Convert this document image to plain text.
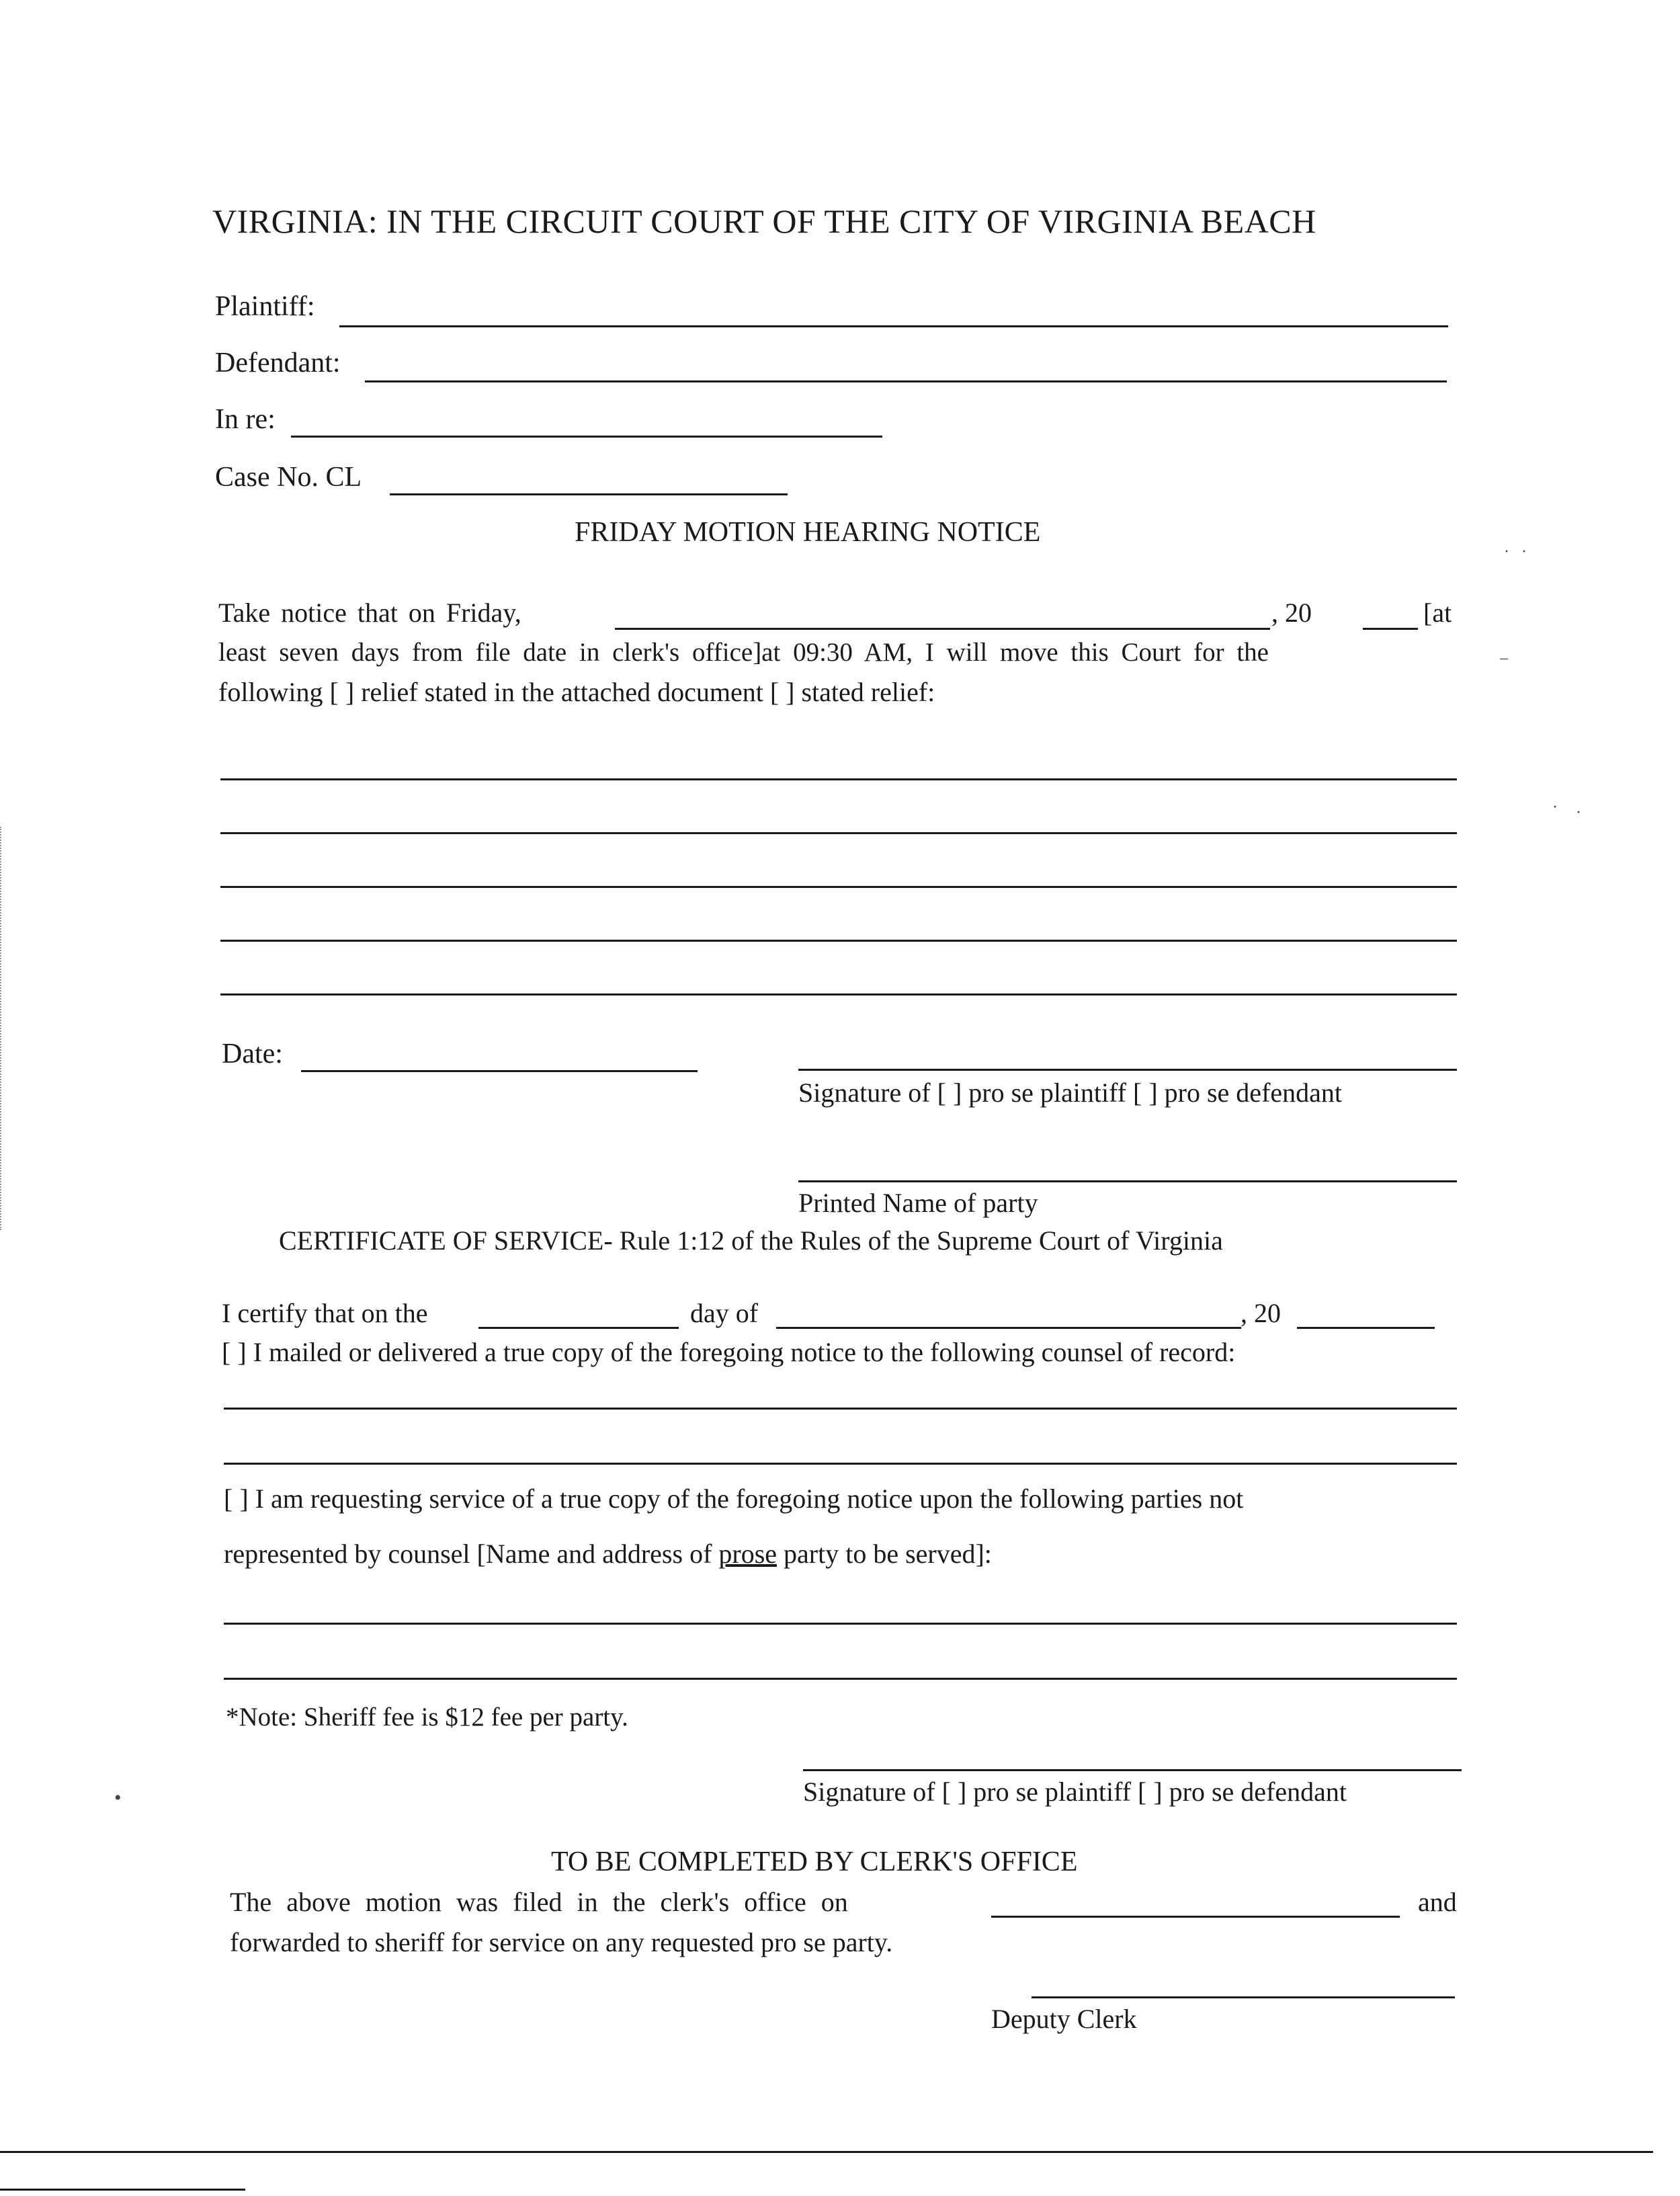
VIRGINIA: IN THE CIRCUIT COURT OF THE CITY OF VIRGINIA BEACH
Plaintiff:
Defendant:
In re:
Case No. CL
FRIDAY MOTION HEARING NOTICE
Take notice that on Friday,	, 20	[at
least seven days from file date in clerk's office]at 09:30 AM, I will move this Court for the
following [ ] relief stated in the attached document [ ] stated relief:
Date:
Signature of [ ] pro se plaintiff [ ] pro se defendant
Printed Name of party
CERTIFICATE OF SERVICE- Rule 1:12 of the Rules of the Supreme Court of Virginia
I certify that on the	day of	, 20
[ ] I mailed or delivered a true copy of the foregoing notice to the following counsel of record:
[ ] I am requesting service of a true copy of the foregoing notice upon the following parties not
represented by counsel [Name and address of prose party to be served]:
*Note: Sheriff fee is $12 fee per party.
Signature of [ ] pro se plaintiff [ ] pro se defendant
TO BE COMPLETED BY CLERK'S OFFICE
The above motion was filed in the clerk's office on	and
forwarded to sheriff for service on any requested pro se party.
Deputy Clerk
·   ·
–
· ·
•
